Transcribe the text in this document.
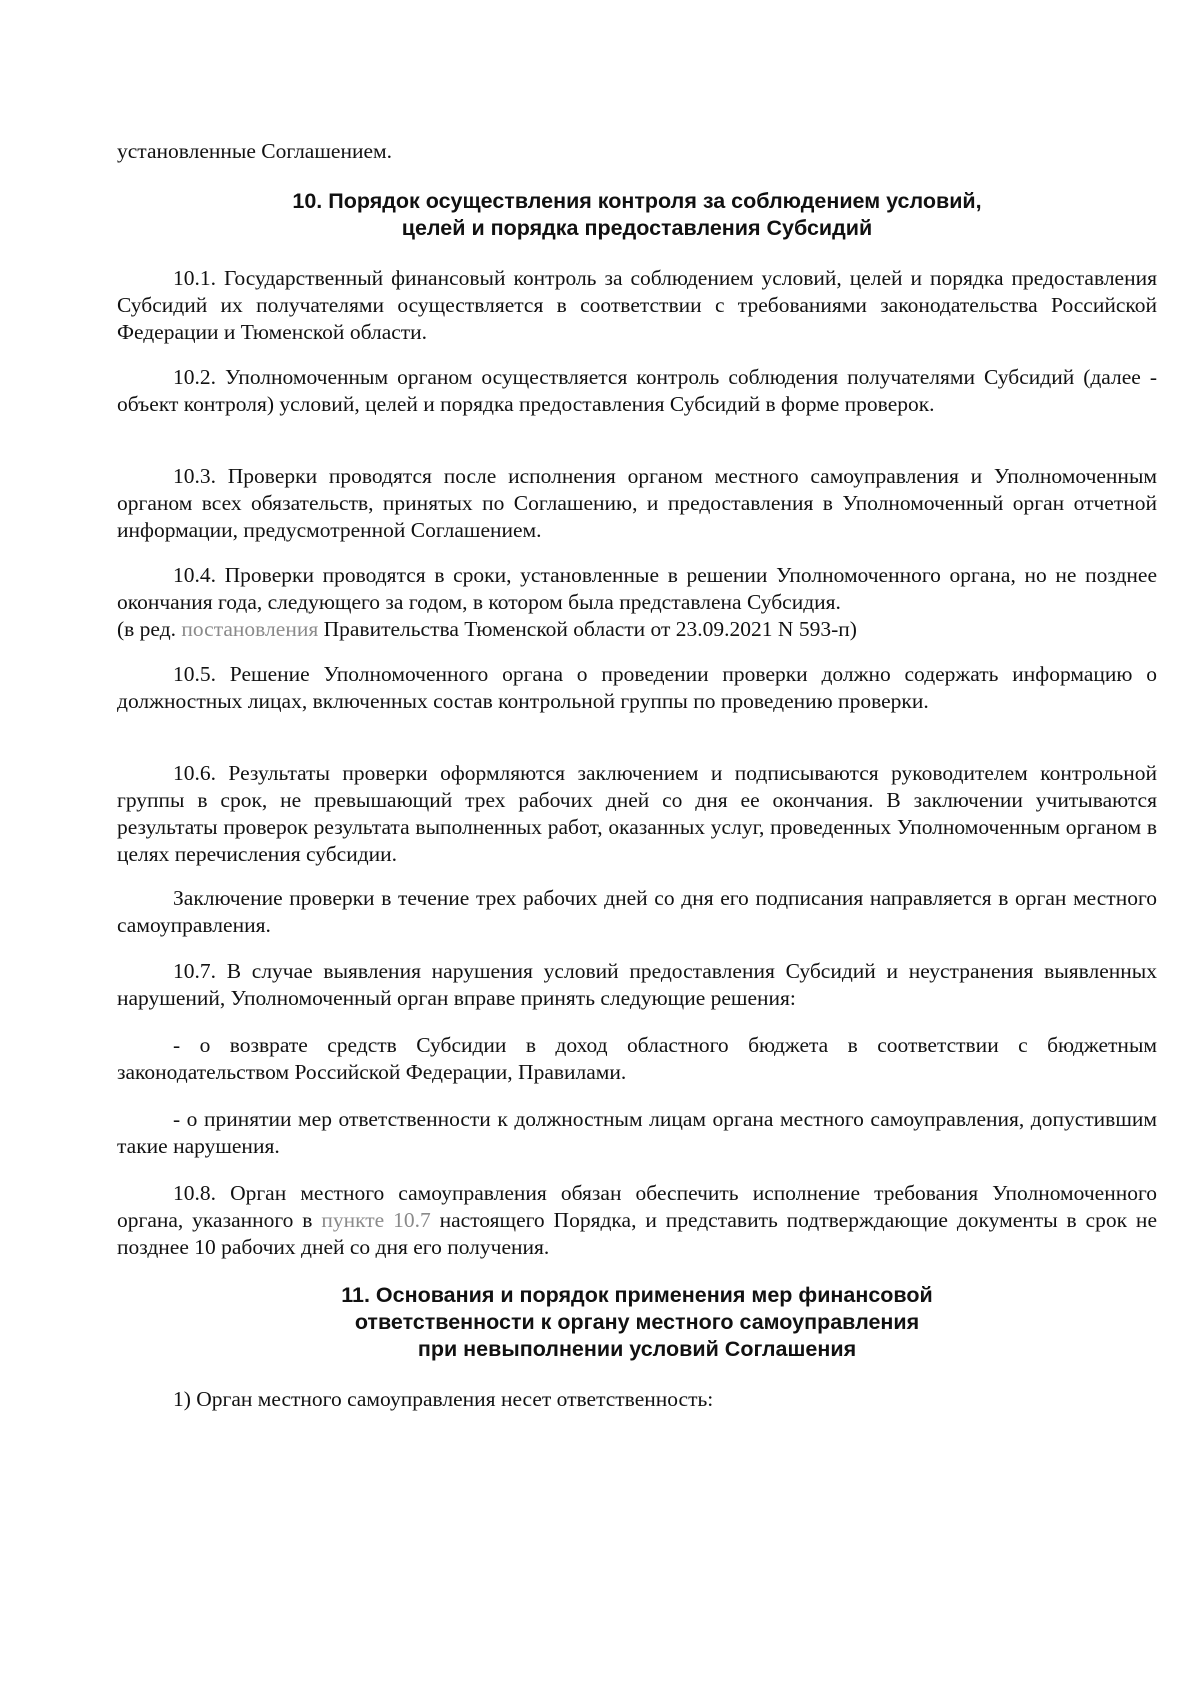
установленные Соглашением.

10. Порядок осуществления контроля за соблюдением условий,
целей и порядка предоставления Субсидий

10.1. Государственный финансовый контроль за соблюдением условий, целей и порядка предоставления Субсидий их получателями осуществляется в соответствии с требованиями законодательства Российской Федерации и Тюменской области.

10.2. Уполномоченным органом осуществляется контроль соблюдения получателями Субсидий (далее - объект контроля) условий, целей и порядка предоставления Субсидий в форме проверок.

10.3. Проверки проводятся после исполнения органом местного самоуправления и Уполномоченным органом всех обязательств, принятых по Соглашению, и предоставления в Уполномоченный орган отчетной информации, предусмотренной Соглашением.

10.4. Проверки проводятся в сроки, установленные в решении Уполномоченного органа, но не позднее окончания года, следующего за годом, в котором была представлена Субсидия.

(в ред. постановления Правительства Тюменской области от 23.09.2021 N 593-п)

10.5. Решение Уполномоченного органа о проведении проверки должно содержать информацию о должностных лицах, включенных состав контрольной группы по проведению проверки.

10.6. Результаты проверки оформляются заключением и подписываются руководителем контрольной группы в срок, не превышающий трех рабочих дней со дня ее окончания. В заключении учитываются результаты проверок результата выполненных работ, оказанных услуг, проведенных Уполномоченным органом в целях перечисления субсидии.

Заключение проверки в течение трех рабочих дней со дня его подписания направляется в орган местного самоуправления.

10.7. В случае выявления нарушения условий предоставления Субсидий и неустранения выявленных нарушений, Уполномоченный орган вправе принять следующие решения:

- о возврате средств Субсидии в доход областного бюджета в соответствии с бюджетным законодательством Российской Федерации, Правилами.

- о принятии мер ответственности к должностным лицам органа местного самоуправления, допустившим такие нарушения.

10.8. Орган местного самоуправления обязан обеспечить исполнение требования Уполномоченного органа, указанного в пункте 10.7 настоящего Порядка, и представить подтверждающие документы в срок не позднее 10 рабочих дней со дня его получения.

11. Основания и порядок применения мер финансовой
ответственности к органу местного самоуправления
при невыполнении условий Соглашения

1) Орган местного самоуправления несет ответственность:
